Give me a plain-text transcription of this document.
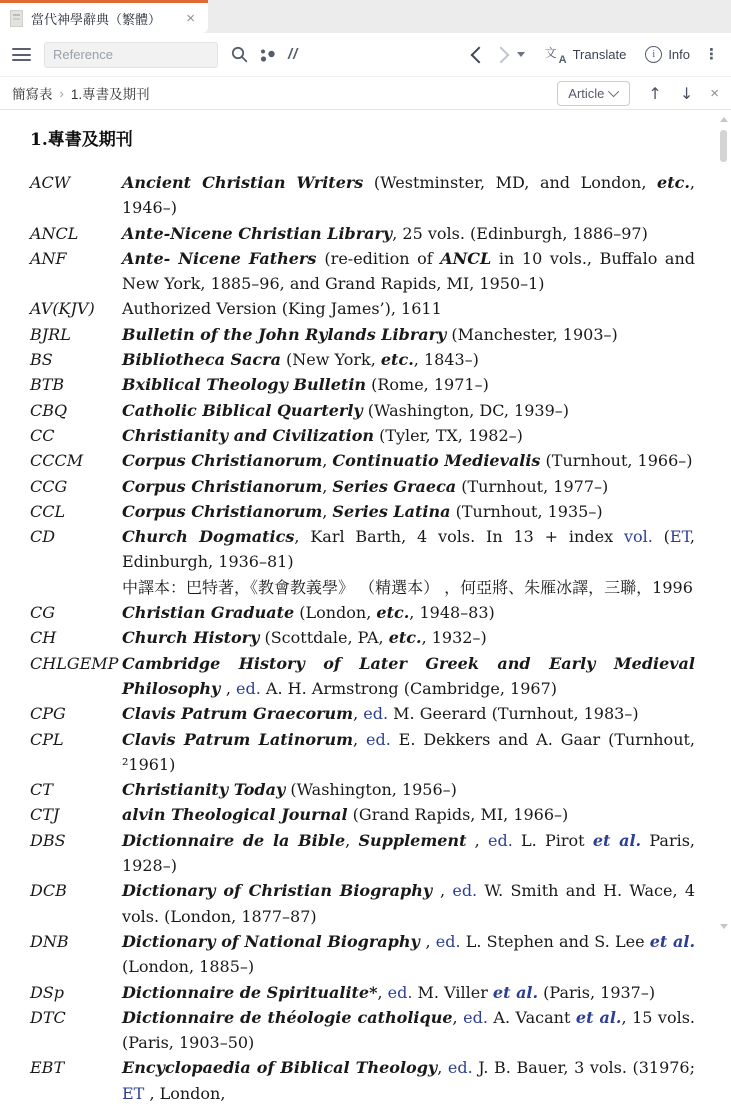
當代神學辭典（繁體） ×
Reference
//	文 A Translate	i	Info ⋮
簡寫表 › 1.專書及期刊	Article	↑ ↓ ×
1.專書及期刊
ACW	Ancient Christian Writers (Westminster, MD, and London, etc., 1946–)
ANCL	Ante-Nicene Christian Library, 25 vols. (Edinburgh, 1886–97)
ANF	Ante- Nicene Fathers (re-edition of ANCL in 10 vols., Buffalo and New York, 1885–96, and Grand Rapids, MI, 1950–1)
AV(KJV)	Authorized Version (King James’), 1611
BJRL	Bulletin of the John Rylands Library (Manchester, 1903–)
BS	Bibliotheca Sacra (New York, etc., 1843–)
BTB	Bxiblical Theology Bulletin (Rome, 1971–)
CBQ	Catholic Biblical Quarterly (Washington, DC, 1939–)
CC	Christianity and Civilization (Tyler, TX, 1982–)
CCCM	Corpus Christianorum, Continuatio Medievalis (Turnhout, 1966–)
CCG	Corpus Christianorum, Series Graeca (Turnhout, 1977–)
CCL	Corpus Christianorum, Series Latina (Turnhout, 1935–)
CD	Church Dogmatics, Karl Barth, 4 vols. In 13 + index vol. (ET, Edinburgh, 1936–81)
中譯本：巴特著，《教會教義學》 （精選本） ，何亞將、朱雁冰譯，三聯，1996
CG	Christian Graduate (London, etc., 1948–83)
CH	Church History (Scottdale, PA, etc., 1932–)
CHLGEMP Cambridge History of Later Greek and Early Medieval Philosophy , ed. A. H. Armstrong (Cambridge, 1967)
CPG	Clavis Patrum Graecorum, ed. M. Geerard (Turnhout, 1983–)
CPL	Clavis Patrum Latinorum, ed. E. Dekkers and A. Gaar (Turnhout, ²1961)
CT	Christianity Today (Washington, 1956–)
CTJ	alvin Theological Journal (Grand Rapids, MI, 1966–)
DBS	Dictionnaire de la Bible, Supplement , ed. L. Pirot et al. Paris, 1928–)
DCB	Dictionary of Christian Biography , ed. W. Smith and H. Wace, 4 vols. (London, 1877–87)
DNB	Dictionary of National Biography , ed. L. Stephen and S. Lee et al. (London, 1885–)
DSp	Dictionnaire de Spiritualite*, ed. M. Viller et al. (Paris, 1937–)
DTC	Dictionnaire de théologie catholique, ed. A. Vacant et al., 15 vols. (Paris, 1903–50)
EBT	Encyclopaedia of Biblical Theology, ed. J. B. Bauer, 3 vols. (31976; ET , London,
